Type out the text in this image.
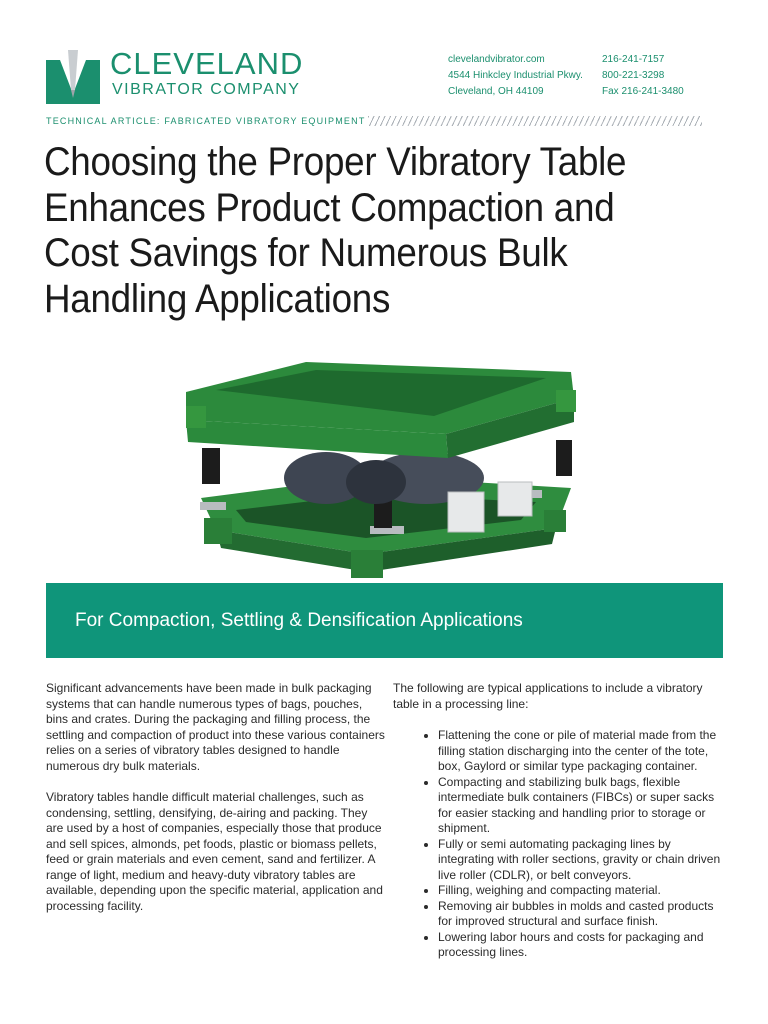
CLEVELAND
VIBRATOR COMPANY
clevelandvibrator.com
4544 Hinkcley Industrial Pkwy.
Cleveland, OH 44109
216-241-7157
800-221-3298
Fax 216-241-3480
TECHNICAL ARTICLE: FABRICATED VIBRATORY EQUIPMENT
Choosing the Proper Vibratory Table Enhances Product Compaction and Cost Savings for Numerous Bulk Handling Applications
For Compaction, Settling & Densification Applications

Significant advancements have been made in bulk packaging systems that can handle numerous types of bags, pouches, bins and crates. During the packaging and filling process, the settling and compaction of product into these various containers relies on a series of vibratory tables designed to handle numerous dry bulk materials.

Vibratory tables handle difficult material challenges, such as condensing, settling, densifying, de-airing and packing. They are used by a host of companies, especially those that produce and sell spices, almonds, pet foods, plastic or biomass pellets, feed or grain materials and even cement, sand and fertilizer. A range of light, medium and heavy-duty vibratory tables are available, depending upon the specific material, application and processing facility.

The following are typical applications to include a vibratory table in a processing line:
• Flattening the cone or pile of material made from the filling station discharging into the center of the tote, box, Gaylord or similar type packaging container.
• Compacting and stabilizing bulk bags, flexible intermediate bulk containers (FIBCs) or super sacks for easier stacking and handling prior to storage or shipment.
• Fully or semi automating packaging lines by integrating with roller sections, gravity or chain driven live roller (CDLR), or belt conveyors.
• Filling, weighing and compacting material.
• Removing air bubbles in molds and casted products for improved structural and surface finish.
• Lowering labor hours and costs for packaging and processing lines.
